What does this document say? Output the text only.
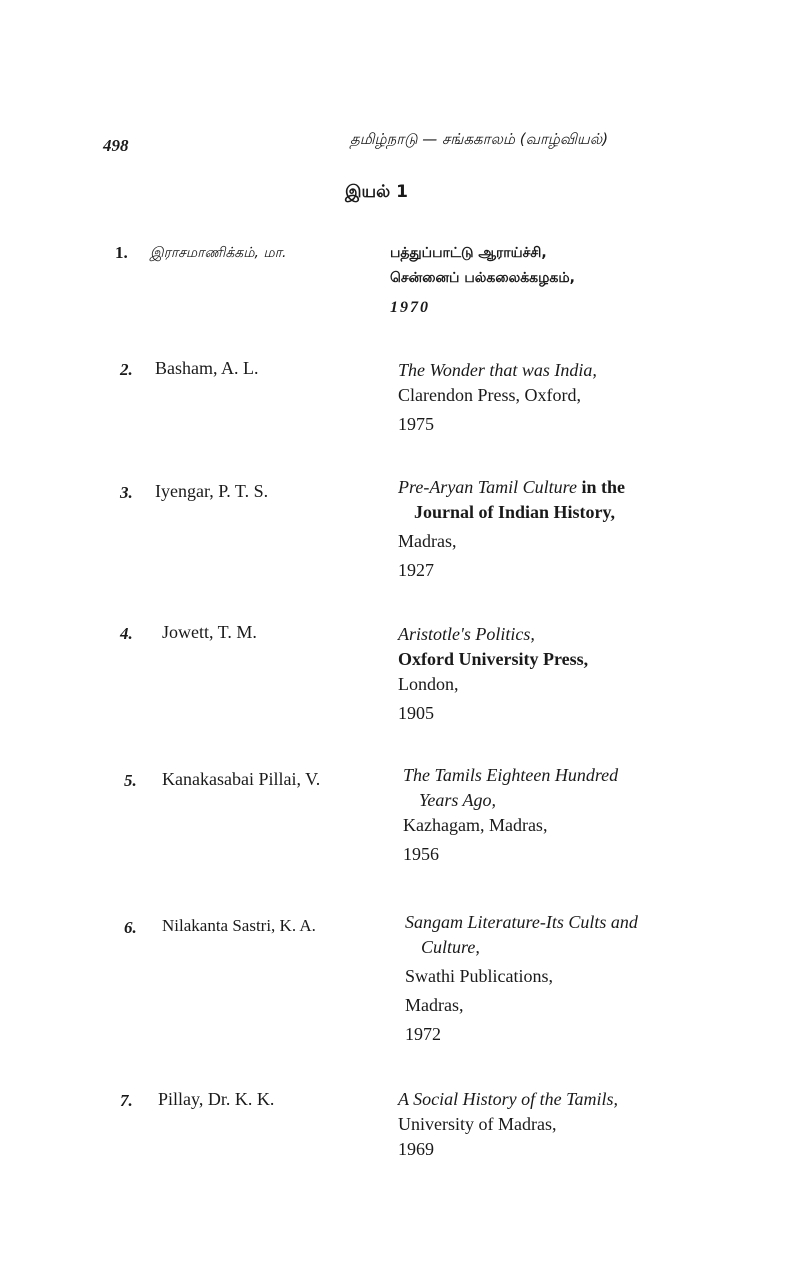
498	தமிழ்நாடு — சங்ககாலம் (வாழ்வியல்)
இயல் 1
1. இராசமாணிக்கம், மா.	பத்துப்பாட்டு ஆராய்ச்சி,
சென்னைப் பல்கலைக்கழகம்,
1970
2. Basham, A. L.	The Wonder that was India,
Clarendon Press, Oxford,
1975
3. Iyengar, P. T. S.	Pre-Aryan Tamil Culture in the
Journal of Indian History,
Madras,
1927
4. Jowett, T. M.	Aristotle's Politics,
Oxford University Press,
London,
1905
5. Kanakasabai Pillai, V.	The Tamils Eighteen Hundred
Years Ago,
Kazhagam, Madras,
1956
6. Nilakanta Sastri, K. A.	Sangam Literature-Its Cults and
Culture,
Swathi Publications,
Madras,
1972
7. Pillay, Dr. K. K.	A Social History of the Tamils,
University of Madras,
1969
